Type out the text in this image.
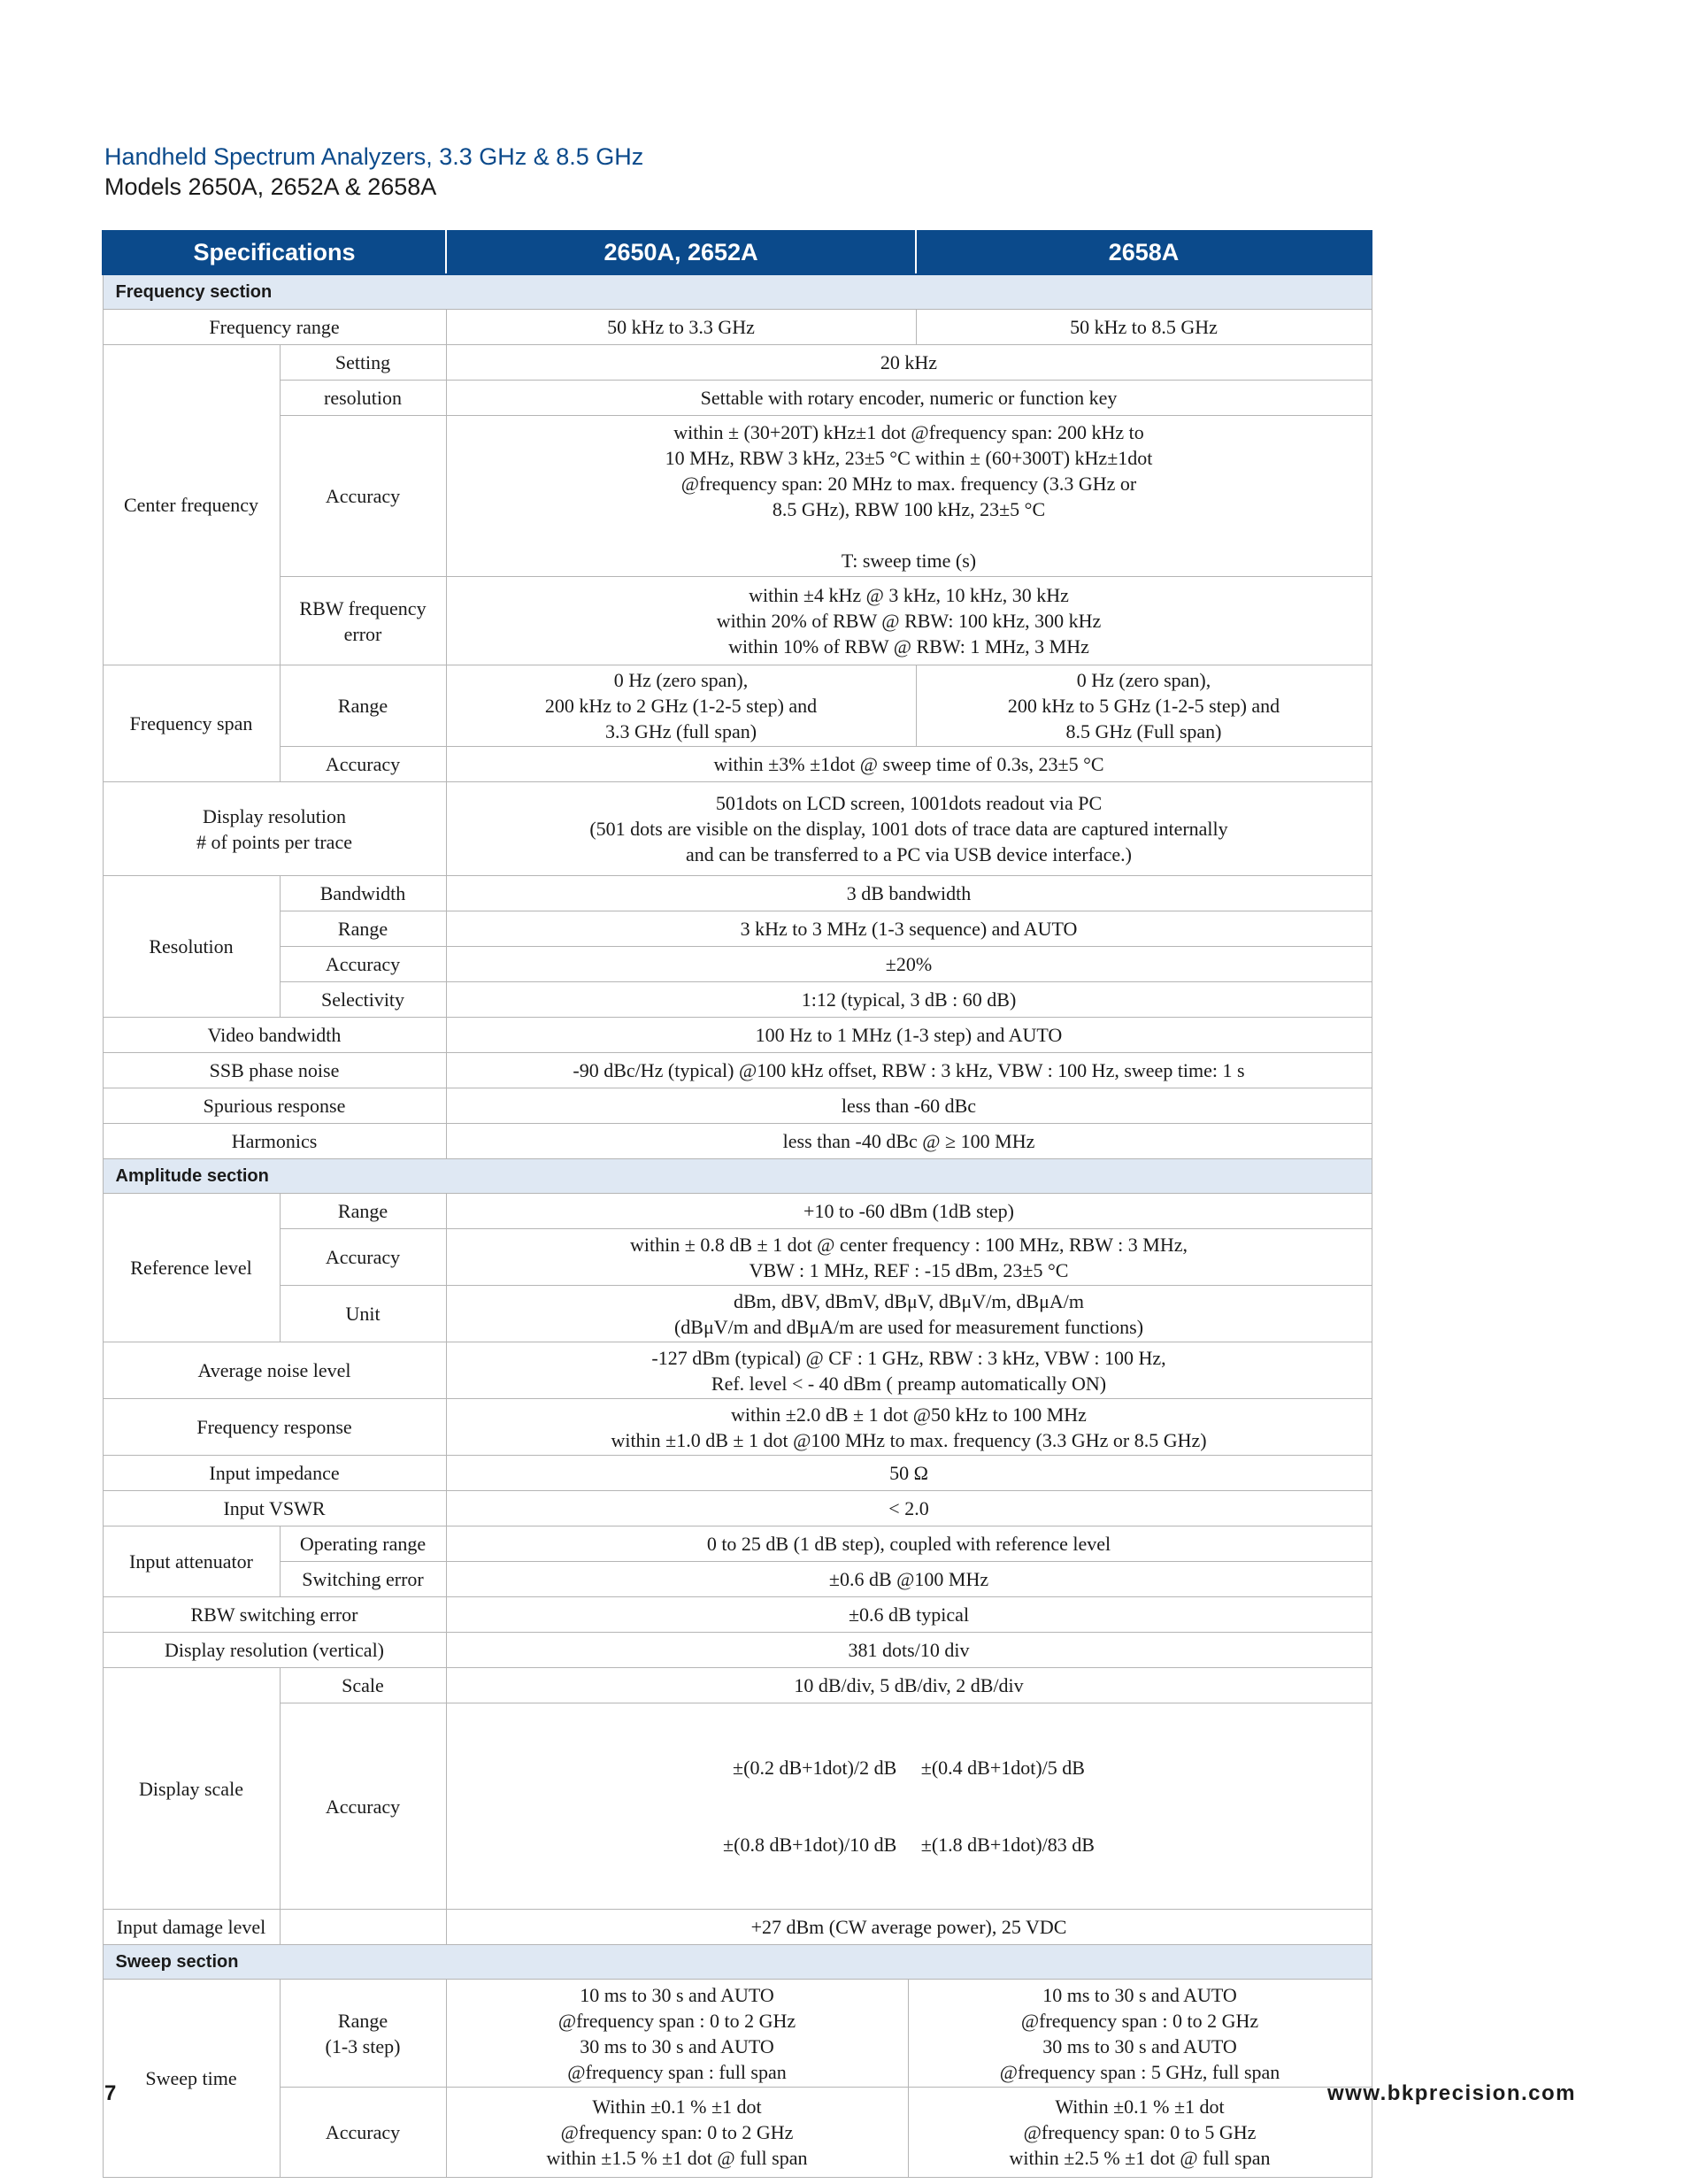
Handheld Spectrum Analyzers, 3.3 GHz & 8.5 GHz
Models 2650A, 2652A & 2658A
Specifications		2650A, 2652A		2658A
Frequency section				
Frequency range		50 kHz to 3.3 GHz		50 kHz to 8.5 GHz
Center frequency	Setting	20 kHz		
	resolution	Settable with rotary encoder, numeric or function key		
	Accuracy	within ± (30+20T) kHz±1 dot @frequency span: 200 kHz to
10 MHz, RBW 3 kHz, 23±5 °C within ± (60+300T) kHz±1dot
@frequency span: 20 MHz to max. frequency (3.3 GHz or
8.5 GHz), RBW 100 kHz, 23±5 °C
T: sweep time (s)		

	RBW frequency error	within ±4 kHz @ 3 kHz, 10 kHz, 30 kHz
within 20% of RBW @ RBW: 100 kHz, 300 kHz
within 10% of RBW @ RBW: 1 MHz, 3 MHz		

Frequency span	Range	0 Hz (zero span),
200 kHz to 2 GHz (1-2-5 step) and
3.3 GHz (full span)		0 Hz (zero span),
200 kHz to 5 GHz (1-2-5 step) and
8.5 GHz (Full span)

	Accuracy	within ±3% ±1dot @ sweep time of 0.3s, 23±5 °C		

Display resolution
# of points per trace		501dots on LCD screen, 1001dots readout via PC
(501 dots are visible on the display, 1001 dots of trace data are captured internally
and can be transferred to a PC via USB device interface.)		

Resolution	Bandwidth	3 dB bandwidth		
	Range	3 kHz to 3 MHz (1-3 sequence) and AUTO		
	Accuracy	±20%		
	Selectivity	1:12 (typical, 3 dB : 60 dB)		
Video bandwidth		100 Hz to 1 MHz (1-3 step) and AUTO		
SSB phase noise		-90 dBc/Hz (typical) @100 kHz offset, RBW : 3 kHz, VBW : 100 Hz, sweep time: 1 s		
Spurious response		less than -60 dBc		
Harmonics		less than -40 dBc @ ≥ 100 MHz		
Amplitude section				
Reference level	Range	+10 to -60 dBm (1dB step)		
	Accuracy	within ± 0.8 dB ± 1 dot @ center frequency : 100 MHz, RBW : 3 MHz,
VBW : 1 MHz, REF : -15 dBm, 23±5 °C		

	Unit	dBm, dBV, dBmV, dBμV, dBμV/m, dBμA/m
(dBμV/m and dBμA/m are used for measurement functions)		

Average noise level		-127 dBm (typical) @ CF : 1 GHz, RBW : 3 kHz, VBW : 100 Hz,
Ref. level < - 40 dBm ( preamp automatically ON)		

Frequency response		within ±2.0 dB ± 1 dot @50 kHz to 100 MHz
within ±1.0 dB ± 1 dot @100 MHz to max. frequency (3.3 GHz or 8.5 GHz)		

Input impedance		50 Ω		
Input VSWR		< 2.0		
Input attenuator	Operating range	0 to 25 dB (1 dB step), coupled with reference level		
	Switching error	±0.6 dB @100 MHz		
RBW switching error		±0.6 dB typical		
Display resolution (vertical)		381 dots/10 div		
Display scale	Scale	10 dB/div, 5 dB/div, 2 dB/div		
	Accuracy	±(0.2 dB+1dot)/2 dB     ±(0.4 dB+1dot)/5 dB

±(0.8 dB+1dot)/10 dB     ±(1.8 dB+1dot)/83 dB		

Input damage level		+27 dBm (CW average power), 25 VDC		
Sweep section				
Sweep time	Range
(1-3 step)	10 ms to 30 s and AUTO
@frequency span : 0 to 2 GHz
30 ms to 30 s and AUTO
@frequency span : full span	10 ms to 30 s and AUTO
@frequency span : 0 to 2 GHz
30 ms to 30 s and AUTO
@frequency span : 5 GHz, full span	

	Accuracy	Within ±0.1 % ±1 dot
@frequency span: 0 to 2 GHz
within ±1.5 % ±1 dot @ full span	Within ±0.1 % ±1 dot
@frequency span: 0 to 5 GHz
within ±2.5 % ±1 dot @ full span	
7	www.bkprecision.com
